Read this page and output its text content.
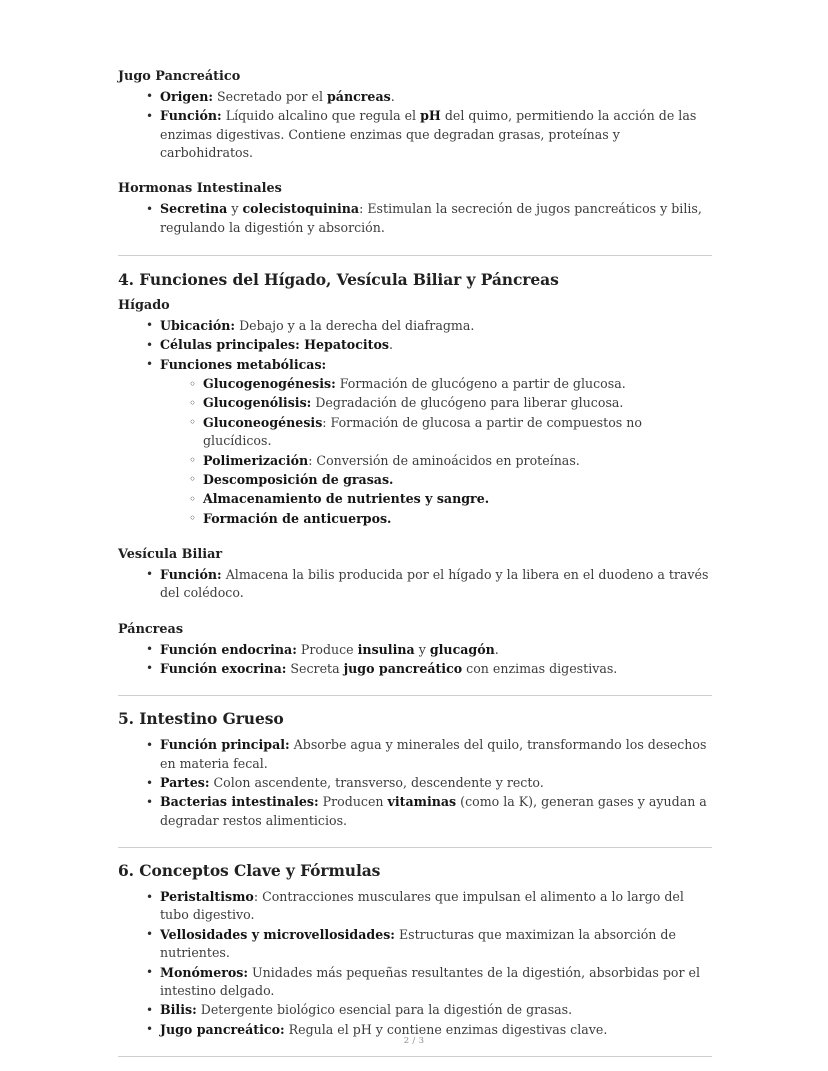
Jugo Pancreático
• Origen: Secretado por el páncreas.
• Función: Líquido alcalino que regula el pH del quimo, permitiendo la acción de las enzimas digestivas. Contiene enzimas que degradan grasas, proteínas y carbohidratos.
Hormonas Intestinales
• Secretina y colecistoquinina: Estimulan la secreción de jugos pancreáticos y bilis, regulando la digestión y absorción.
4. Funciones del Hígado, Vesícula Biliar y Páncreas
Hígado
• Ubicación: Debajo y a la derecha del diafragma.
• Células principales: Hepatocitos.
• Funciones metabólicas:
◦ Glucogenogénesis: Formación de glucógeno a partir de glucosa.
◦ Glucogenólisis: Degradación de glucógeno para liberar glucosa.
◦ Gluconeogénesis: Formación de glucosa a partir de compuestos no glucídicos.
◦ Polimerización: Conversión de aminoácidos en proteínas.
◦ Descomposición de grasas.
◦ Almacenamiento de nutrientes y sangre.
◦ Formación de anticuerpos.
Vesícula Biliar
• Función: Almacena la bilis producida por el hígado y la libera en el duodeno a través del colédoco.
Páncreas
• Función endocrina: Produce insulina y glucagón.
• Función exocrina: Secreta jugo pancreático con enzimas digestivas.
5. Intestino Grueso
• Función principal: Absorbe agua y minerales del quilo, transformando los desechos en materia fecal.
• Partes: Colon ascendente, transverso, descendente y recto.
• Bacterias intestinales: Producen vitaminas (como la K), generan gases y ayudan a degradar restos alimenticios.
6. Conceptos Clave y Fórmulas
• Peristaltismo: Contracciones musculares que impulsan el alimento a lo largo del tubo digestivo.
• Vellosidades y microvellosidades: Estructuras que maximizan la absorción de nutrientes.
• Monómeros: Unidades más pequeñas resultantes de la digestión, absorbidas por el intestino delgado.
• Bilis: Detergente biológico esencial para la digestión de grasas.
• Jugo pancreático: Regula el pH y contiene enzimas digestivas clave.
2 / 3
